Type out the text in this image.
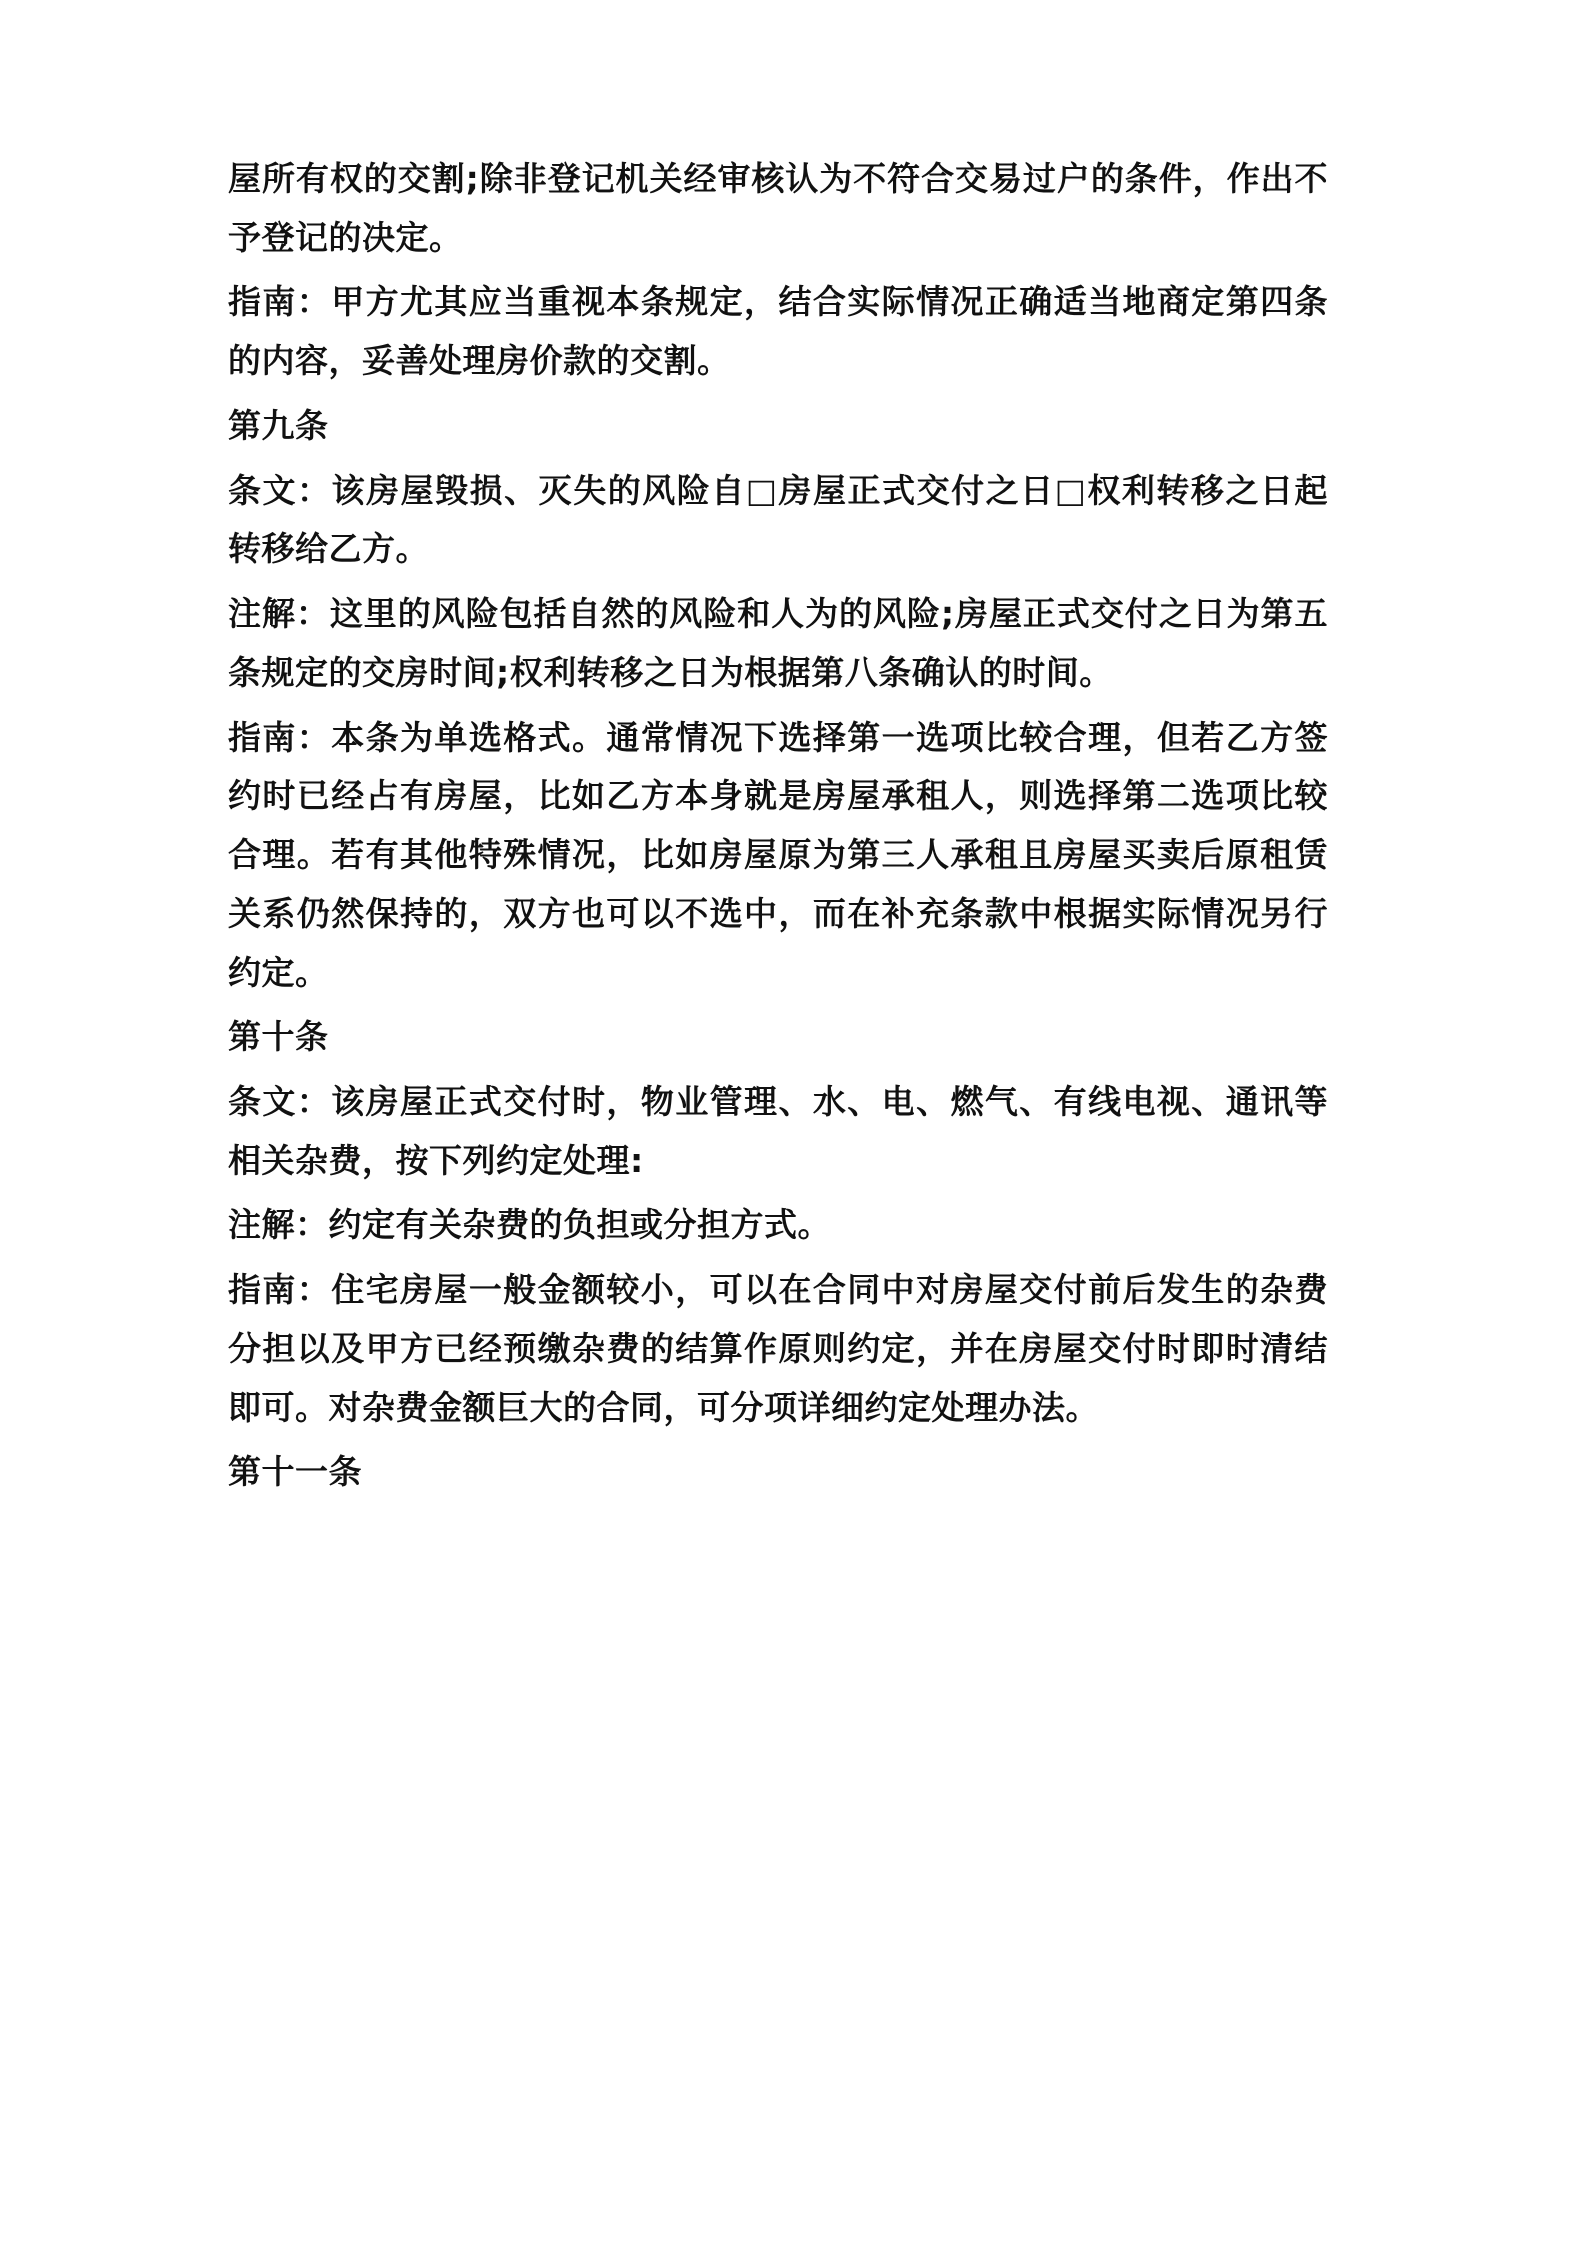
屋所有权的交割;除非登记机关经审核认为不符合交易过户的条件，作出不予登记的决定。

指南：甲方尤其应当重视本条规定，结合实际情况正确适当地商定第四条的内容，妥善处理房价款的交割。

第九条

条文：该房屋毁损、灭失的风险自□房屋正式交付之日□权利转移之日起转移给乙方。

注解：这里的风险包括自然的风险和人为的风险;房屋正式交付之日为第五条规定的交房时间;权利转移之日为根据第八条确认的时间。

指南：本条为单选格式。通常情况下选择第一选项比较合理，但若乙方签约时已经占有房屋，比如乙方本身就是房屋承租人，则选择第二选项比较合理。若有其他特殊情况，比如房屋原为第三人承租且房屋买卖后原租赁关系仍然保持的，双方也可以不选中，而在补充条款中根据实际情况另行约定。

第十条

条文：该房屋正式交付时，物业管理、水、电、燃气、有线电视、通讯等相关杂费，按下列约定处理:

注解：约定有关杂费的负担或分担方式。

指南：住宅房屋一般金额较小，可以在合同中对房屋交付前后发生的杂费分担以及甲方已经预缴杂费的结算作原则约定，并在房屋交付时即时清结即可。对杂费金额巨大的合同，可分项详细约定处理办法。

第十一条
